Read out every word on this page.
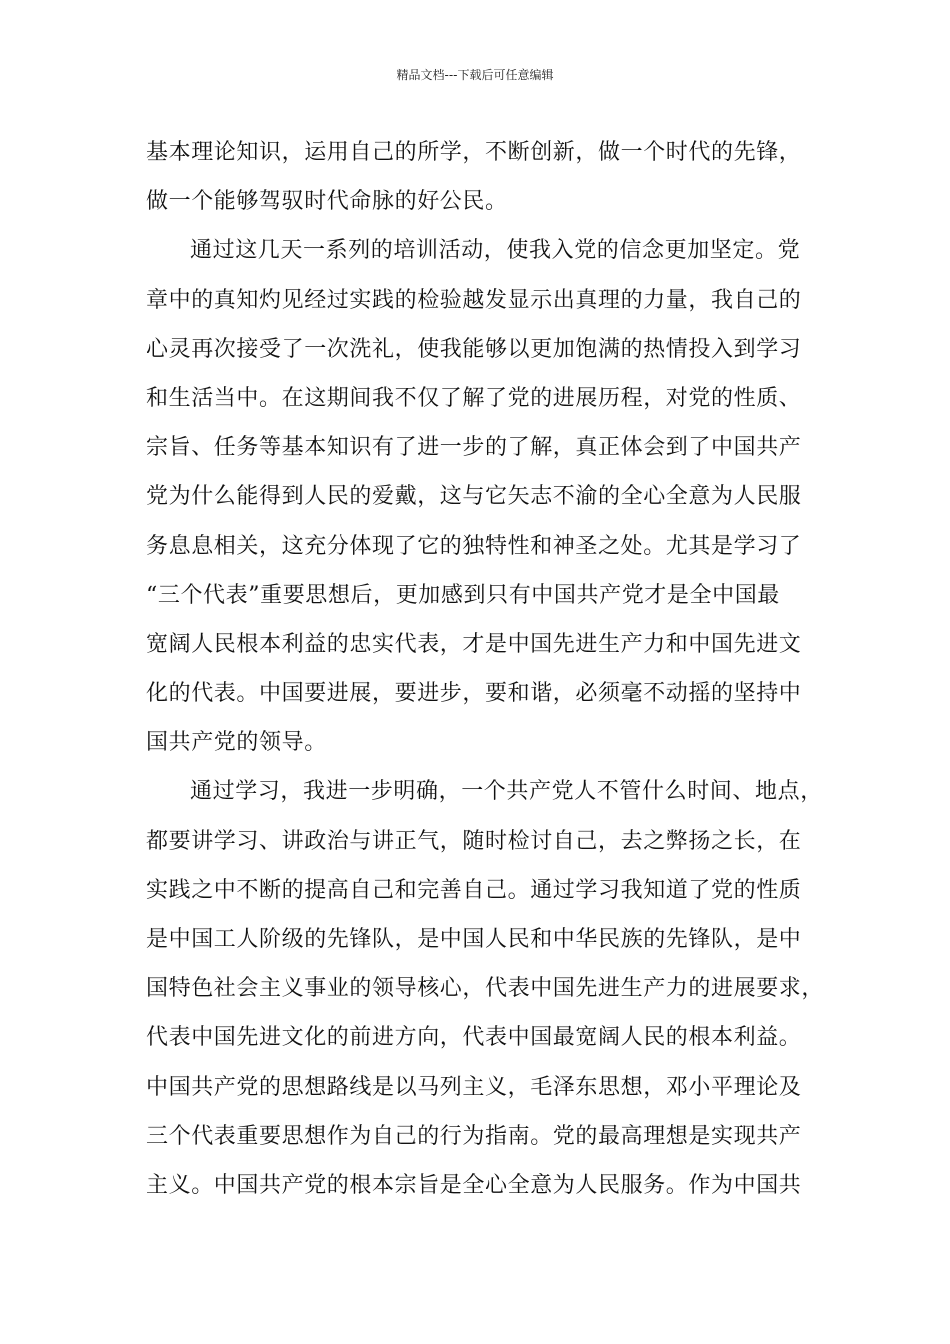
精品文档---下载后可任意编辑
基本理论知识，运用自己的所学，不断创新，做一个时代的先锋，
做一个能够驾驭时代命脉的好公民。
通过这几天一系列的培训活动，使我入党的信念更加坚定。党
章中的真知灼见经过实践的检验越发显示出真理的力量，我自己的
心灵再次接受了一次洗礼，使我能够以更加饱满的热情投入到学习
和生活当中。在这期间我不仅了解了党的进展历程，对党的性质、
宗旨、任务等基本知识有了进一步的了解，真正体会到了中国共产
党为什么能得到人民的爱戴，这与它矢志不渝的全心全意为人民服
务息息相关，这充分体现了它的独特性和神圣之处。尤其是学习了
“三个代表”重要思想后，更加感到只有中国共产党才是全中国最
宽阔人民根本利益的忠实代表，才是中国先进生产力和中国先进文
化的代表。中国要进展，要进步，要和谐，必须毫不动摇的坚持中
国共产党的领导。
通过学习，我进一步明确，一个共产党人不管什么时间、地点，
都要讲学习、讲政治与讲正气，随时检讨自己，去之弊扬之长，在
实践之中不断的提高自己和完善自己。通过学习我知道了党的性质
是中国工人阶级的先锋队，是中国人民和中华民族的先锋队，是中
国特色社会主义事业的领导核心，代表中国先进生产力的进展要求，
代表中国先进文化的前进方向，代表中国最宽阔人民的根本利益。
中国共产党的思想路线是以马列主义，毛泽东思想，邓小平理论及
三个代表重要思想作为自己的行为指南。党的最高理想是实现共产
主义。中国共产党的根本宗旨是全心全意为人民服务。作为中国共
